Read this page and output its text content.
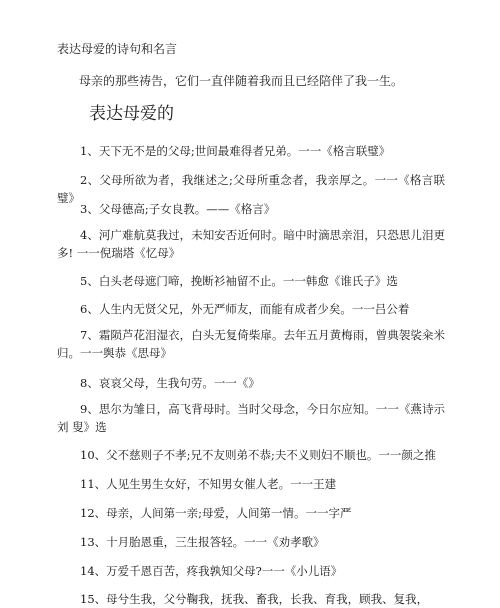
表达母爱的诗句和名言
母亲的那些祷告，它们一直伴随着我而且已经陪伴了我一生。
表达母爱的
1、天下无不是的父母;世间最难得者兄弟。一一《格言联璧》
2、父母所欲为者，我继述之;父母所重念者，我亲厚之。一一《格言联 璧》
3、父母德高;子女良教。——《格言》
4、河广难航莫我过，未知安否近何时。暗中时滴思亲泪，只恐思儿泪更 多! 一一倪瑞塔《忆母》
5、白头老母遮门啼，挽断衫袖留不止。一一韩愈《谁氏子》选
6、人生内无贤父兄，外无严师友，而能有成者少矣。一一吕公着
7、霜陨芦花泪湿衣，白头无复倚柴扉。去年五月黄梅雨，曾典袈裟籴米 归。一一舆恭《思母》
8、哀哀父母，生我句劳。一一《》
9、思尔为雏日，高飞背母时。当时父母念，今日尔应知。一一《燕诗示刘 叟》选
10、父不慈则子不孝;兄不友则弟不恭;夫不义则妇不顺也。一一颜之推
11、人见生男生女好，不知男女催人老。一一王建
12、母亲，人间第一亲;母爱，人间第一情。一一字严
13、十月胎恩重，三生报答轻。一一《劝孝歌》
14、万爱千恩百苦，疼我孰知父母?一一《小儿语》
15、母兮生我，父兮鞠我，抚我、畜我，长我、育我，顾我、复我，
